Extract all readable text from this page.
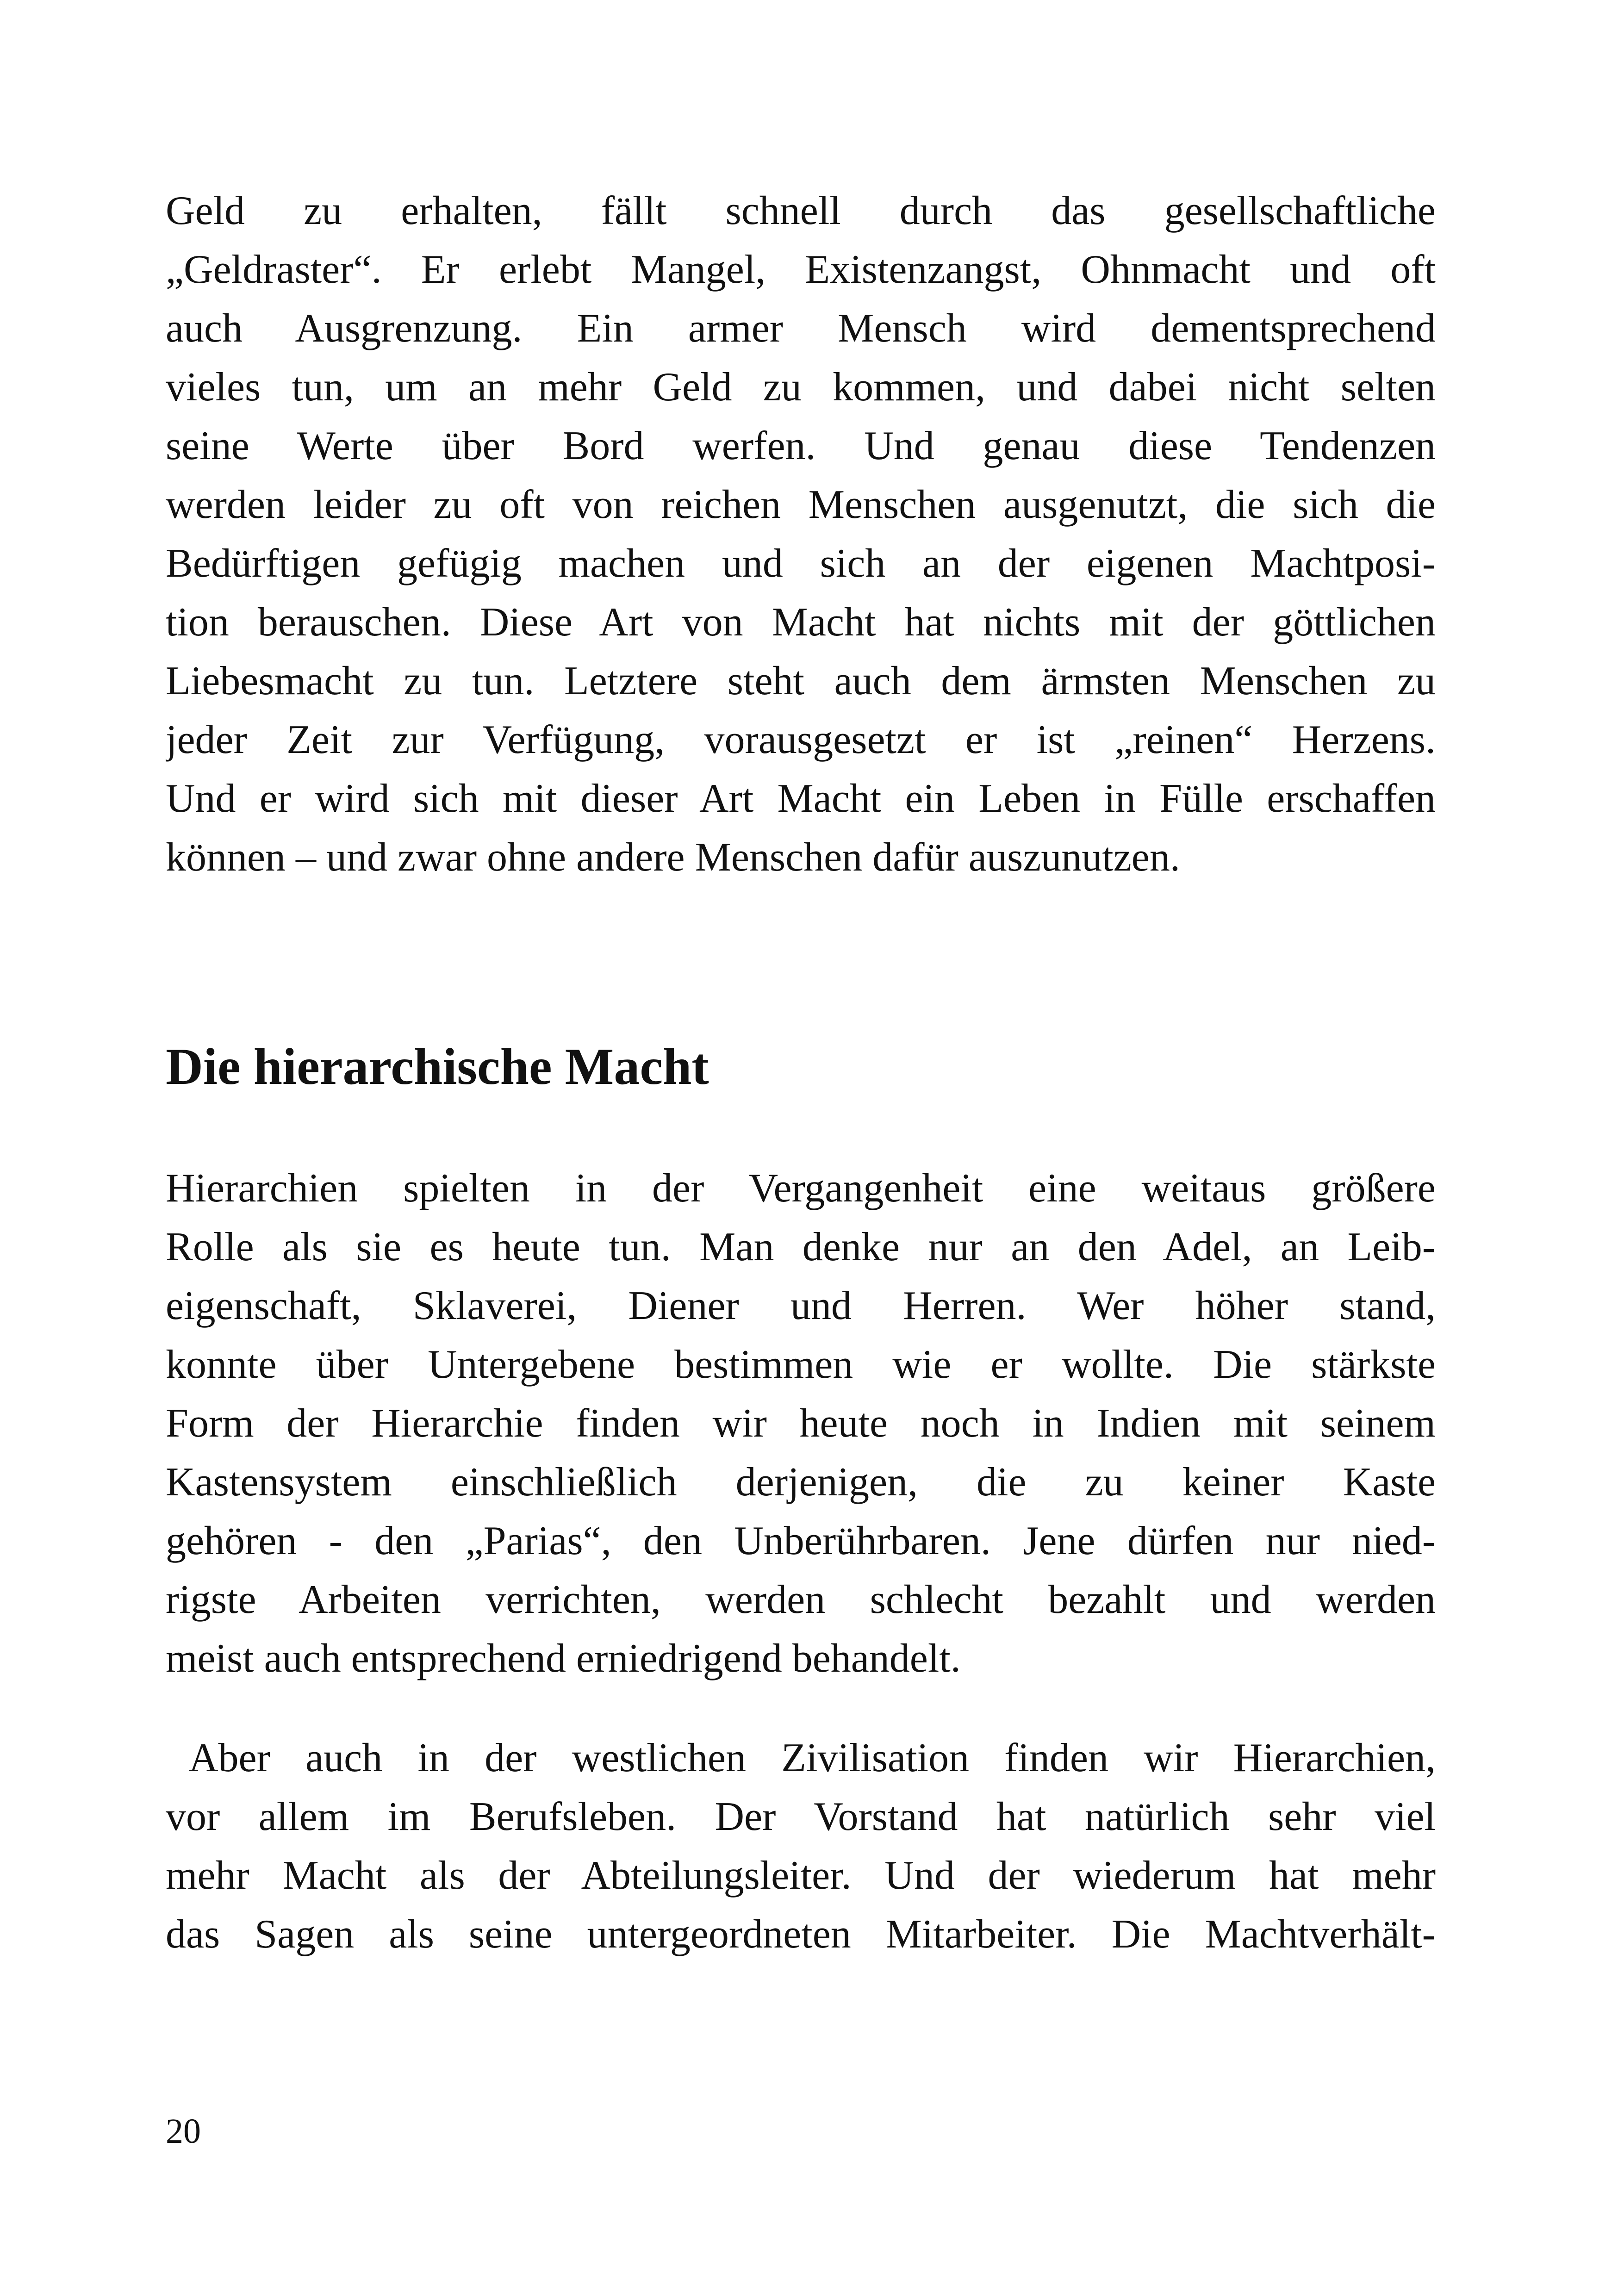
Geld zu erhalten, fällt schnell durch das gesellschaftliche
„Geldraster“. Er erlebt Mangel, Existenzangst, Ohnmacht und oft
auch Ausgrenzung. Ein armer Mensch wird dementsprechend
vieles tun, um an mehr Geld zu kommen, und dabei nicht selten
seine Werte über Bord werfen. Und genau diese Tendenzen
werden leider zu oft von reichen Menschen ausgenutzt, die sich die
Bedürftigen gefügig machen und sich an der eigenen Machtposi-
tion berauschen. Diese Art von Macht hat nichts mit der göttlichen
Liebesmacht zu tun. Letztere steht auch dem ärmsten Menschen zu
jeder Zeit zur Verfügung, vorausgesetzt er ist „reinen“ Herzens.
Und er wird sich mit dieser Art Macht ein Leben in Fülle erschaffen
können – und zwar ohne andere Menschen dafür auszunutzen.
Die hierarchische Macht
Hierarchien spielten in der Vergangenheit eine weitaus größere
Rolle als sie es heute tun. Man denke nur an den Adel, an Leib-
eigenschaft, Sklaverei, Diener und Herren. Wer höher stand,
konnte über Untergebene bestimmen wie er wollte. Die stärkste
Form der Hierarchie finden wir heute noch in Indien mit seinem
Kastensystem einschließlich derjenigen, die zu keiner Kaste
gehören - den „Parias“, den Unberührbaren. Jene dürfen nur nied-
rigste Arbeiten verrichten, werden schlecht bezahlt und werden
meist auch entsprechend erniedrigend behandelt.
Aber auch in der westlichen Zivilisation finden wir Hierarchien,
vor allem im Berufsleben. Der Vorstand hat natürlich sehr viel
mehr Macht als der Abteilungsleiter. Und der wiederum hat mehr
das Sagen als seine untergeordneten Mitarbeiter. Die Machtverhält-
20
